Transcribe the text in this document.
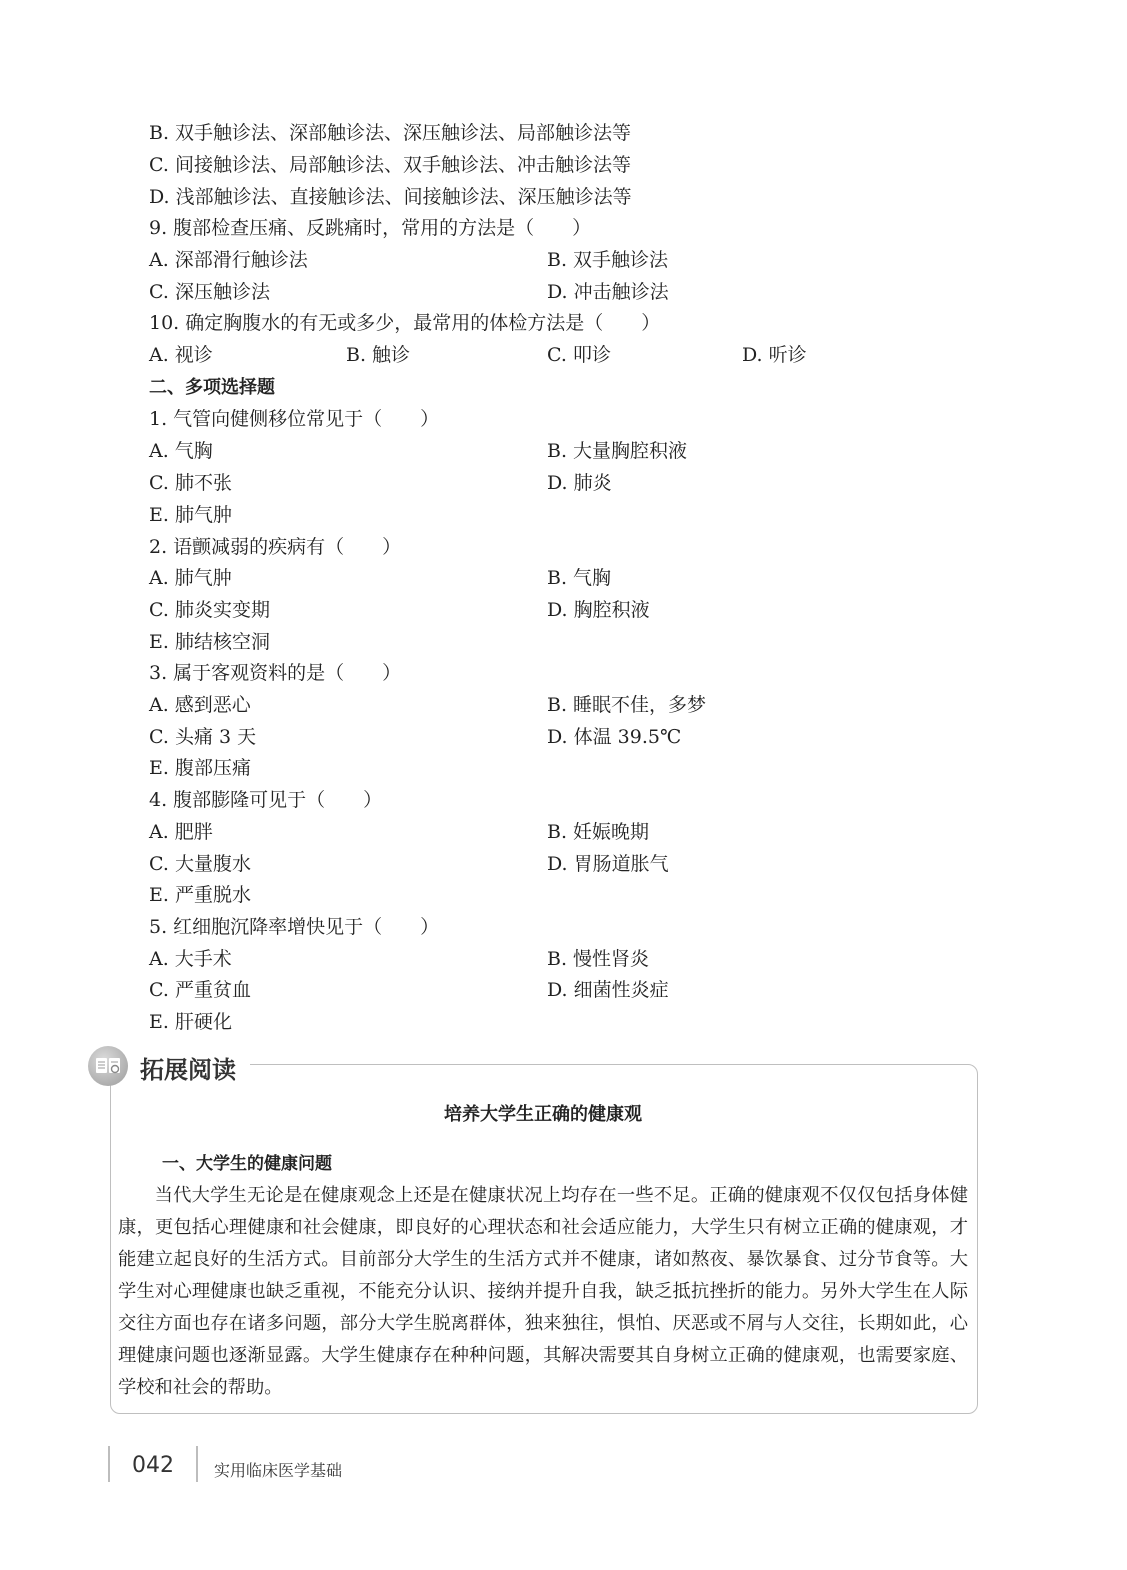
B. 双手触诊法、深部触诊法、深压触诊法、局部触诊法等
C. 间接触诊法、局部触诊法、双手触诊法、冲击触诊法等
D. 浅部触诊法、直接触诊法、间接触诊法、深压触诊法等
9. 腹部检查压痛、反跳痛时，常用的方法是（　　）
A. 深部滑行触诊法	B. 双手触诊法
C. 深压触诊法	D. 冲击触诊法
10. 确定胸腹水的有无或多少，最常用的体检方法是（　　）
A. 视诊	B. 触诊	C. 叩诊	D. 听诊
二、多项选择题
1. 气管向健侧移位常见于（　　）
A. 气胸	B. 大量胸腔积液
C. 肺不张	D. 肺炎
E. 肺气肿
2. 语颤减弱的疾病有（　　）
A. 肺气肿	B. 气胸
C. 肺炎实变期	D. 胸腔积液
E. 肺结核空洞
3. 属于客观资料的是（　　）
A. 感到恶心	B. 睡眠不佳，多梦
C. 头痛 3 天	D. 体温 39.5℃
E. 腹部压痛
4. 腹部膨隆可见于（　　）
A. 肥胖	B. 妊娠晚期
C. 大量腹水	D. 胃肠道胀气
E. 严重脱水
5. 红细胞沉降率增快见于（　　）
A. 大手术	B. 慢性肾炎
C. 严重贫血	D. 细菌性炎症
E. 肝硬化
拓展阅读
培养大学生正确的健康观
一、大学生的健康问题
当代大学生无论是在健康观念上还是在健康状况上均存在一些不足。正确的健康观不仅仅包括身体健康，更包括心理健康和社会健康，即良好的心理状态和社会适应能力，大学生只有树立正确的健康观，才能建立起良好的生活方式。目前部分大学生的生活方式并不健康，诸如熬夜、暴饮暴食、过分节食等。大学生对心理健康也缺乏重视，不能充分认识、接纳并提升自我，缺乏抵抗挫折的能力。另外大学生在人际交往方面也存在诸多问题，部分大学生脱离群体，独来独往，惧怕、厌恶或不屑与人交往，长期如此，心理健康问题也逐渐显露。大学生健康存在种种问题，其解决需要其自身树立正确的健康观，也需要家庭、学校和社会的帮助。
042	实用临床医学基础
